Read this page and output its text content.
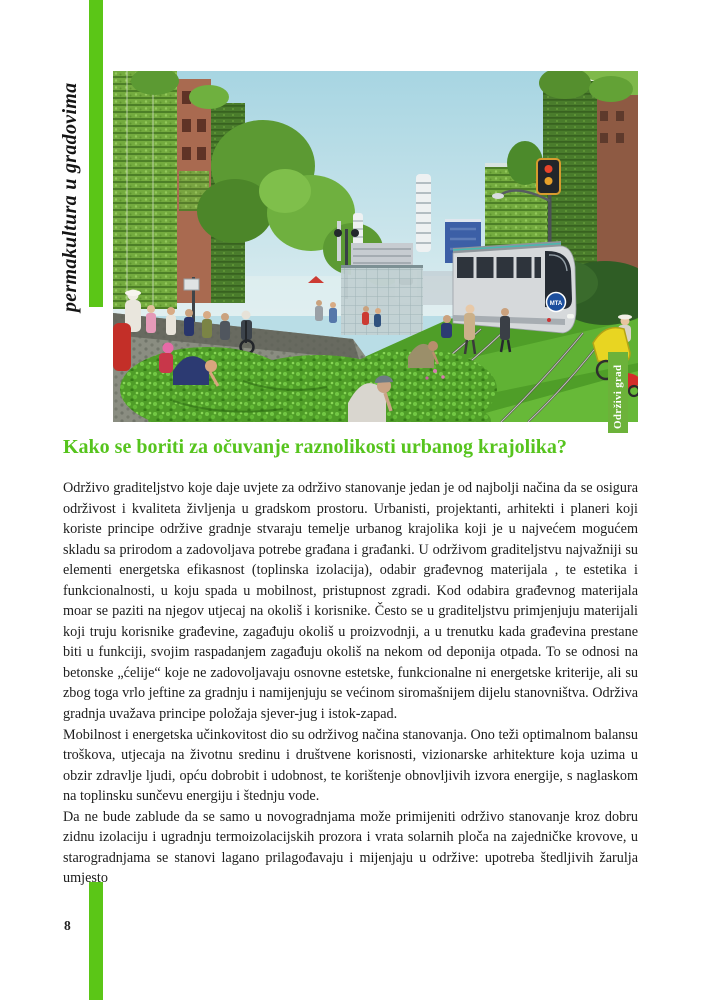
permakultura u gradovima	MTA
Održivi grad
Kako se boriti za očuvanje raznolikosti urbanog krajolika?

Održivo graditeljstvo koje daje uvjete za održivo stanovanje jedan je od najbolji načina da se osigura održivost i kvaliteta življenja u gradskom prostoru. Urbanisti, projektanti, arhitekti i planeri koji koriste principe održive gradnje stvaraju temelje urbanog krajolika koji je u najvećem mogućem skladu sa prirodom a zadovoljava potrebe građana i građanki. U održivom graditeljstvu najvažniji su elementi energetska efikasnost (toplinska izolacija), odabir građevnog materijala , te estetika i funkcionalnosti, u koju spada u mobilnost, pristupnost zgradi. Kod odabira građevnog materijala moar se paziti na njegov utjecaj na okoliš i korisnike. Često se u graditeljstvu primjenjuju materijali koji truju korisnike građevine, zagađuju okoliš u proizvodnji, a u trenutku kada građevina prestane biti u funkciji, svojim raspadanjem zagađuju okoliš na nekom od deponija otpada. To se odnosi na betonske „ćelije“ koje ne zadovoljavaju osnovne estetske, funkcionalne ni energetske kriterije, ali su zbog toga vrlo jeftine za gradnju i namijenjuju se većinom siromašnijem dijelu stanovništva. Održiva gradnja uvažava principe položaja sjever-jug i istok-zapad.

Mobilnost i energetska učinkovitost dio su održivog načina stanovanja. Ono teži optimalnom balansu troškova, utjecaja na životnu sredinu i društvene korisnosti, vizionarske arhitekture koja uzima u obzir zdravlje ljudi, opću dobrobit i udobnost, te korištenje obnovljivih izvora energije, s naglaskom na toplinsku sunčevu energiju i štednju vode.

Da ne bude zablude da se samo u novogradnjama može primijeniti održivo stanovanje kroz dobru zidnu izolaciju i ugradnju termoizolacijskih prozora i vrata solarnih ploča na zajedničke krovove, u starogradnjama se stanovi lagano prilagođavaju i mijenjaju u održive: upotreba štedljivih žarulja umjesto

8
